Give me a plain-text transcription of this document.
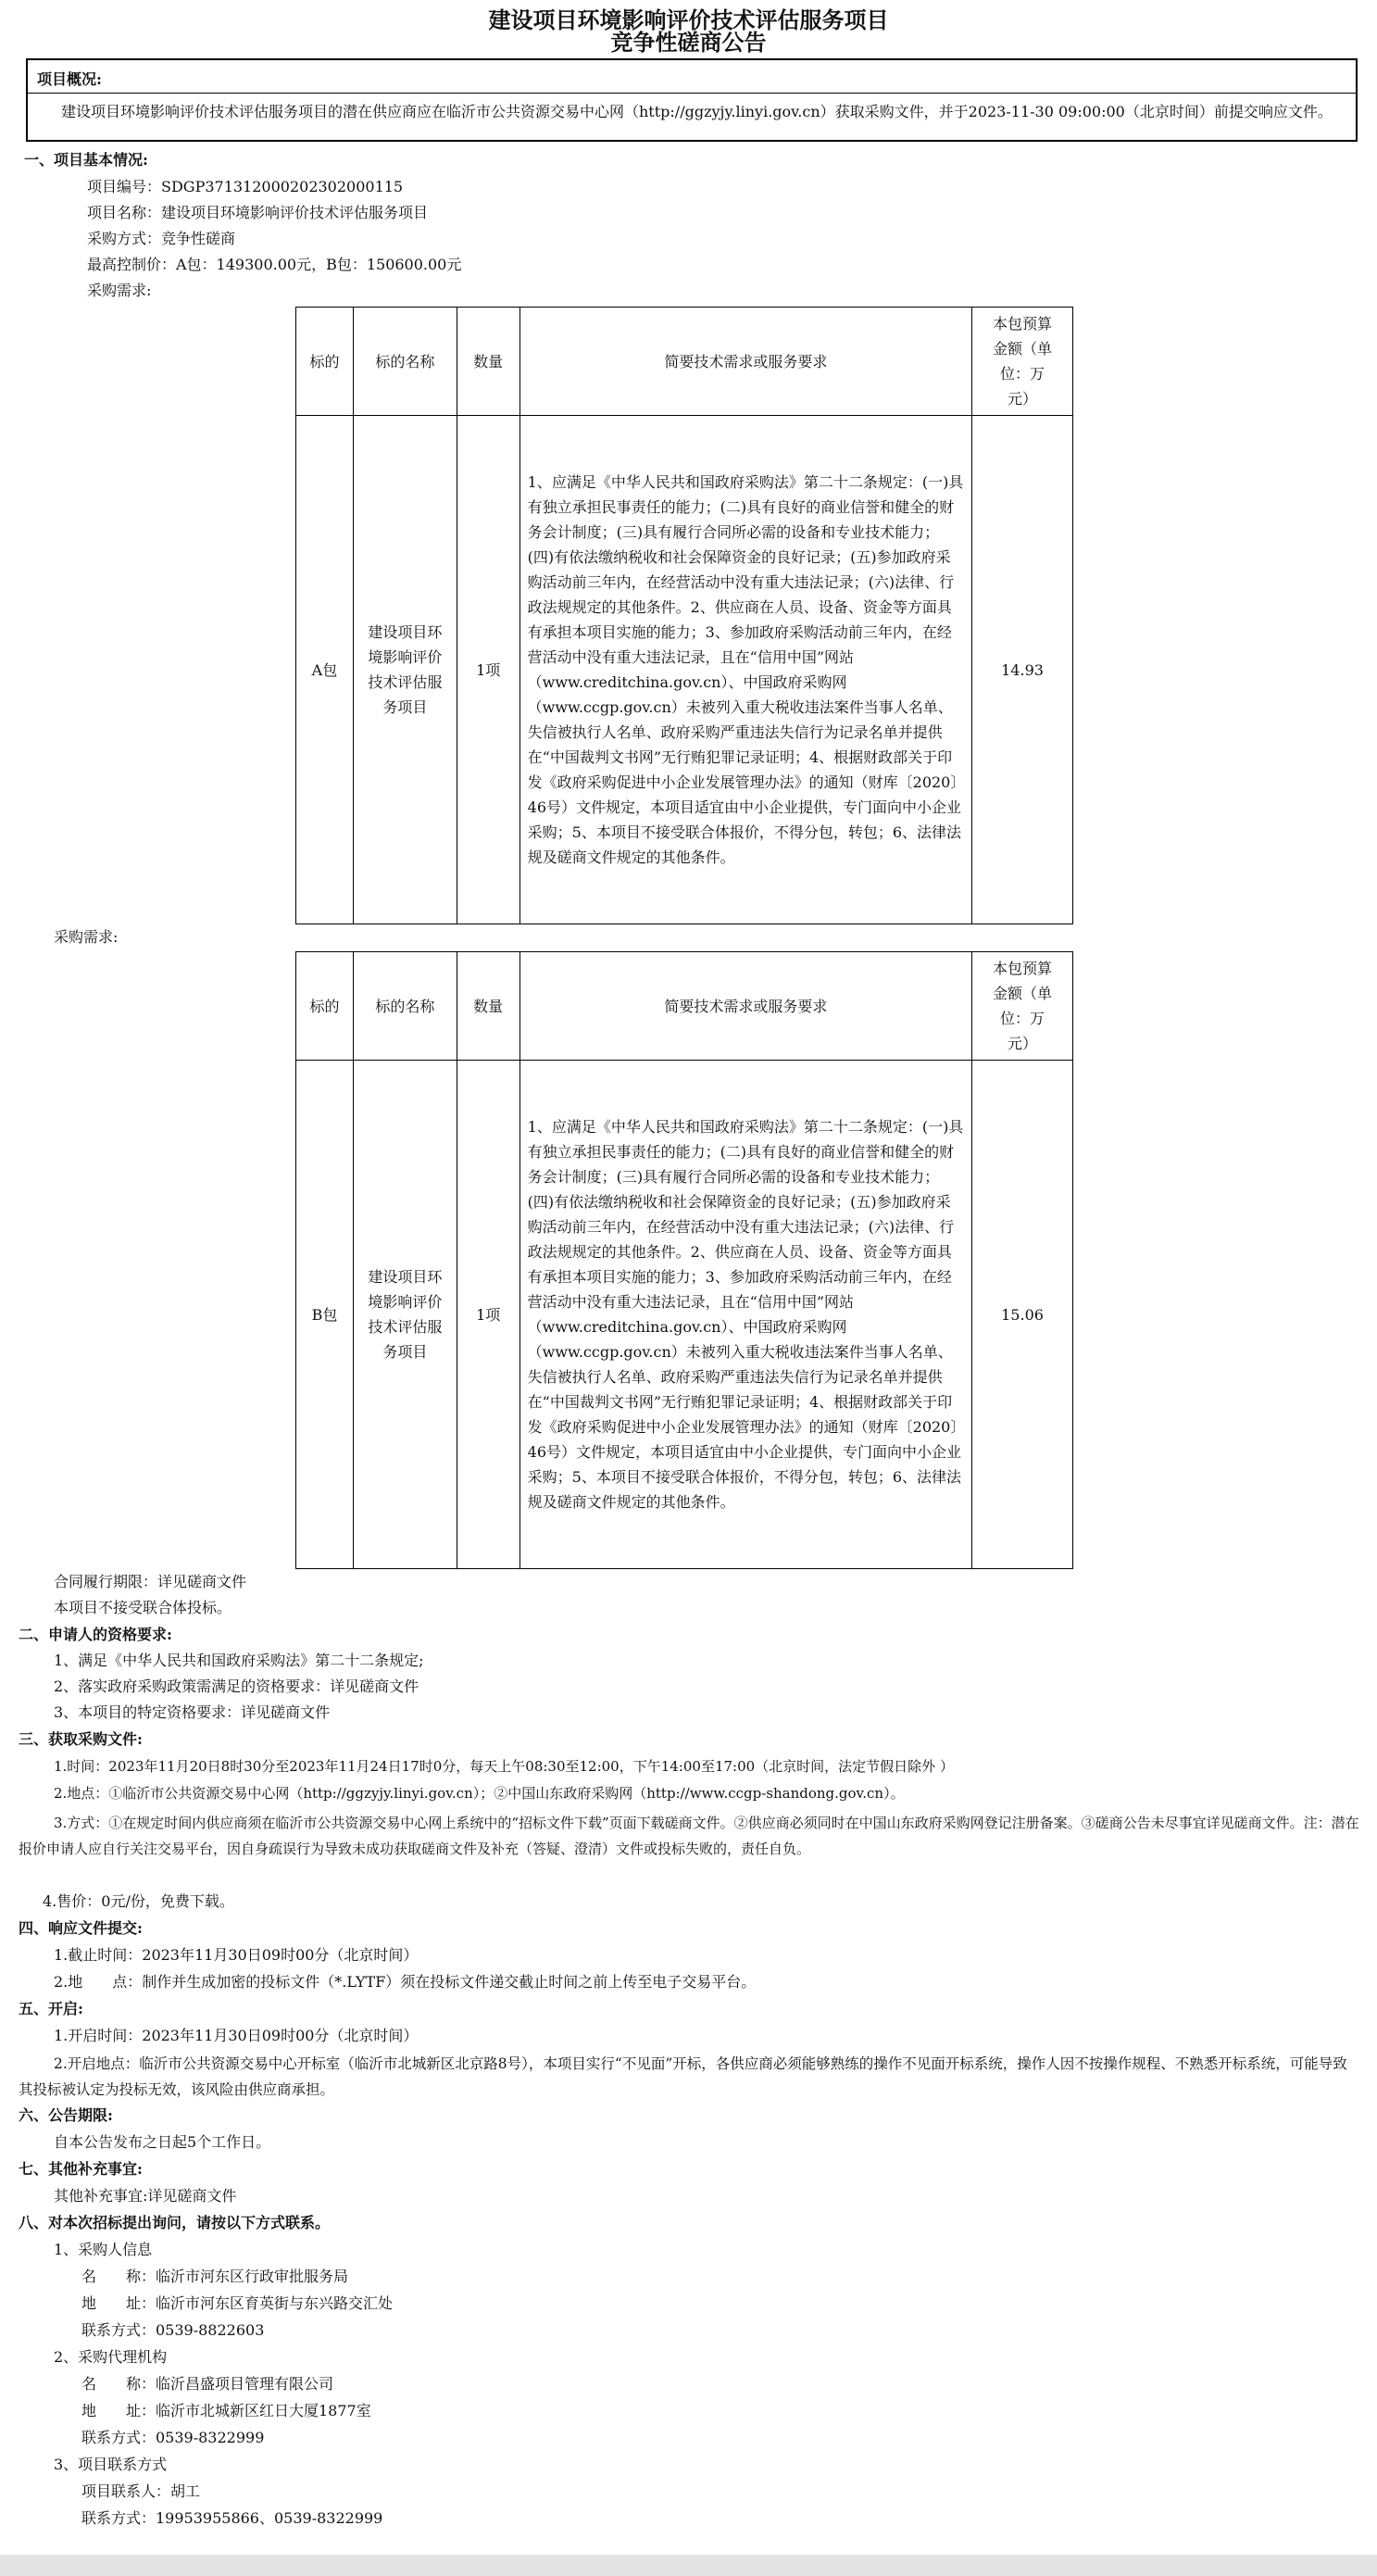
建设项目环境影响评价技术评估服务项目
竞争性磋商公告
项目概况:
建设项目环境影响评价技术评估服务项目的潜在供应商应在临沂市公共资源交易中心网（http://ggzyjy.linyi.gov.cn）获取采购文件，并于2023-11-30 09:00:00（北京时间）前提交响应文件。
一、项目基本情况:
项目编号：SDGP371312000202302000115
项目名称：建设项目环境影响评价技术评估服务项目
采购方式：竞争性磋商
最高控制价：A包：149300.00元，B包：150600.00元
采购需求:
标的	标的名称	数量	简要技术需求或服务要求	本包预算
金额（单
位：万
元）

A包	建设项目环境影响评价技术评估服务项目	1项	1、应满足《中华人民共和国政府采购法》第二十二条规定：(一)具有独立承担民事责任的能力；(二)具有良好的商业信誉和健全的财务会计制度；(三)具有履行合同所必需的设备和专业技术能力；(四)有依法缴纳税收和社会保障资金的良好记录；(五)参加政府采购活动前三年内，在经营活动中没有重大违法记录；(六)法律、行政法规规定的其他条件。2、供应商在人员、设备、资金等方面具有承担本项目实施的能力；3、参加政府采购活动前三年内，在经营活动中没有重大违法记录，且在“信用中国”网站（www.creditchina.gov.cn）、中国政府采购网（www.ccgp.gov.cn）未被列入重大税收违法案件当事人名单、失信被执行人名单、政府采购严重违法失信行为记录名单并提供在“中国裁判文书网”无行贿犯罪记录证明；4、根据财政部关于印发《政府采购促进中小企业发展管理办法》的通知（财库〔2020〕46号）文件规定，本项目适宜由中小企业提供，专门面向中小企业采购；5、本项目不接受联合体报价，不得分包，转包；6、法律法规及磋商文件规定的其他条件。	14.93
采购需求:
标的	标的名称	数量	简要技术需求或服务要求	本包预算
金额（单
位：万
元）

B包	建设项目环境影响评价技术评估服务项目	1项	1、应满足《中华人民共和国政府采购法》第二十二条规定：(一)具有独立承担民事责任的能力；(二)具有良好的商业信誉和健全的财务会计制度；(三)具有履行合同所必需的设备和专业技术能力；(四)有依法缴纳税收和社会保障资金的良好记录；(五)参加政府采购活动前三年内，在经营活动中没有重大违法记录；(六)法律、行政法规规定的其他条件。2、供应商在人员、设备、资金等方面具有承担本项目实施的能力；3、参加政府采购活动前三年内，在经营活动中没有重大违法记录，且在“信用中国”网站（www.creditchina.gov.cn）、中国政府采购网（www.ccgp.gov.cn）未被列入重大税收违法案件当事人名单、失信被执行人名单、政府采购严重违法失信行为记录名单并提供在“中国裁判文书网”无行贿犯罪记录证明；4、根据财政部关于印发《政府采购促进中小企业发展管理办法》的通知（财库〔2020〕46号）文件规定，本项目适宜由中小企业提供，专门面向中小企业采购；5、本项目不接受联合体报价，不得分包，转包；6、法律法规及磋商文件规定的其他条件。	15.06
合同履行期限：详见磋商文件
本项目不接受联合体投标。
二、申请人的资格要求:
1、满足《中华人民共和国政府采购法》第二十二条规定;
2、落实政府采购政策需满足的资格要求：详见磋商文件
3、本项目的特定资格要求：详见磋商文件
三、获取采购文件:
1.时间：2023年11月20日8时30分至2023年11月24日17时0分，每天上午08:30至12:00，下午14:00至17:00（北京时间，法定节假日除外 ）
2.地点：①临沂市公共资源交易中心网（http://ggzyjy.linyi.gov.cn）；②中国山东政府采购网（http://www.ccgp-shandong.gov.cn）。
3.方式：①在规定时间内供应商须在临沂市公共资源交易中心网上系统中的“招标文件下载”页面下载磋商文件。②供应商必须同时在中国山东政府采购网登记注册备案。③磋商公告未尽事宜详见磋商文件。注：潜在报价申请人应自行关注交易平台，因自身疏误行为导致未成功获取磋商文件及补充（答疑、澄清）文件或投标失败的，责任自负。
4.售价：0元/份，免费下载。
四、响应文件提交:
1.截止时间：2023年11月30日09时00分（北京时间）
2.地　　点：制作并生成加密的投标文件（*.LYTF）须在投标文件递交截止时间之前上传至电子交易平台。
五、开启:
1.开启时间：2023年11月30日09时00分（北京时间）
2.开启地点：临沂市公共资源交易中心开标室（临沂市北城新区北京路8号），本项目实行“不见面”开标，各供应商必须能够熟练的操作不见面开标系统，操作人因不按操作规程、不熟悉开标系统，可能导致其投标被认定为投标无效，该风险由供应商承担。
六、公告期限:
自本公告发布之日起5个工作日。
七、其他补充事宜:
其他补充事宜:详见磋商文件
八、对本次招标提出询问，请按以下方式联系。
1、采购人信息
名　　称：临沂市河东区行政审批服务局
地　　址：临沂市河东区育英街与东兴路交汇处
联系方式：0539-8822603
2、采购代理机构
名　　称：临沂昌盛项目管理有限公司
地　　址：临沂市北城新区红日大厦1877室
联系方式：0539-8322999
3、项目联系方式
项目联系人：胡工
联系方式：19953955866、0539-8322999
